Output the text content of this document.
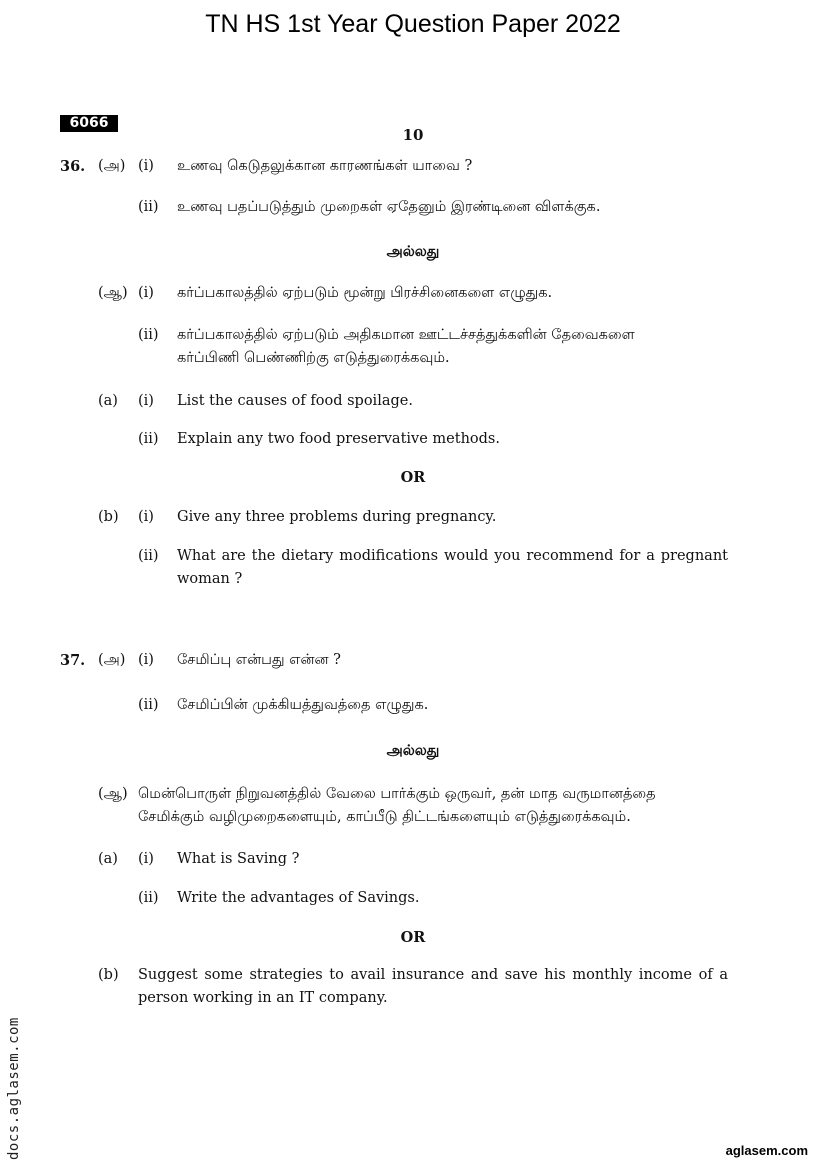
TN HS 1st Year Question Paper 2022
6066
10
36. (அ) (i) உணவு கெடுதலுக்கான காரணங்கள் யாவை ?
(ii) உணவு பதப்படுத்தும் முறைகள் ஏதேனும் இரண்டினை விளக்குக.
அல்லது
(ஆ) (i) கர்ப்பகாலத்தில் ஏற்படும் மூன்று பிரச்சினைகளை எழுதுக.
(ii) கர்ப்பகாலத்தில் ஏற்படும் அதிகமான ஊட்டச்சத்துக்களின் தேவைகளை
கர்ப்பிணி பெண்ணிற்கு எடுத்துரைக்கவும்.
(a) (i) List the causes of food spoilage.
(ii) Explain any two food preservative methods.
OR
(b) (i) Give any three problems during pregnancy.
(ii) What are the dietary modifications would you recommend for a pregnant woman ?
37. (அ) (i) சேமிப்பு என்பது என்ன ?
(ii) சேமிப்பின் முக்கியத்துவத்தை எழுதுக.
அல்லது
(ஆ) மென்பொருள் நிறுவனத்தில் வேலை பார்க்கும் ஒருவர், தன் மாத வருமானத்தை
சேமிக்கும் வழிமுறைகளையும், காப்பீடு திட்டங்களையும் எடுத்துரைக்கவும்.
(a) (i) What is Saving ?
(ii) Write the advantages of Savings.
OR
(b) Suggest some strategies to avail insurance and save his monthly income of a person working in an IT company.
docs.aglasem.com	aglasem.com
